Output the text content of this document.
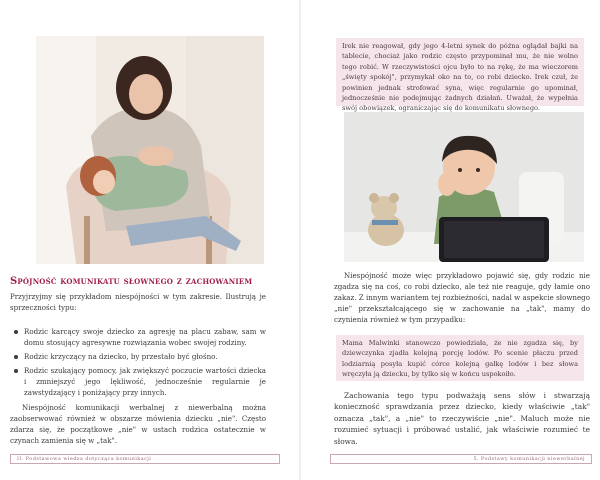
Spójność komunikatu słownego z zachowaniem

Przyjrzyjmy się przykładom niespójności w tym zakresie. Ilustrują je sprzeczności typu:

Rodzic karcący swoje dziecko za agresję na placu zabaw, sam w domu stosujący agresywne rozwiązania wobec swojej rodziny.
Rodzic krzyczący na dziecko, by przestało być głośno.
Rodzic szukający pomocy, jak zwiększyć poczucie wartości dziecka i zmniejszyć jego lękliwość, jednocześnie regularnie je zawstydzający i poniżający przy innych.

Niespójność komunikacji werbalnej z niewerbalną można zaobserwować również w obszarze mówienia dziecku „nie". Często zdarza się, że początkowe „nie" w ustach rodzica ostatecznie w czynach zamienia się w „tak".

II. Podstawowa wiedza dotycząca komunikacji

Irek nie reagował, gdy jego 4-letni synek do późna oglądał bajki na tablecie, chociaż jako rodzic często przypominał mu, że nie wolno tego robić. W rzeczywistości ojcu było to na rękę, że ma wieczorem „święty spokój", przymykał oko na to, co robi dziecko. Irek czuł, że powinien jednak strofować syna, więc regularnie go upominał, jednocześnie nie podejmując żadnych działań. Uważał, że wypełnia swój obowiązek, ograniczając się do komunikatu słownego.

Niespójność może więc przykładowo pojawić się, gdy rodzic nie zgadza się na coś, co robi dziecko, ale też nie reaguje, gdy łamie ono zakaz. Z innym wariantem tej rozbieżności, nadal w aspekcie słownego „nie" przekształcającego się w zachowanie na „tak", mamy do czynienia również w tym przypadku:

Mama Malwinki stanowczo powiedziała, że nie zgadza się, by dziewczynka zjadła kolejną porcję lodów. Po scenie płaczu przed lodziarnią posyła kupić córce kolejną gałkę lodów i bez słowa wręczyła ją dziecku, by tylko się w końcu uspokoiło.

Zachowania tego typu podważają sens słów i stwarzają konieczność sprawdzania przez dziecko, kiedy właściwie „tak" oznacza „tak", a „nie" to rzeczywiście „nie". Maluch może nie rozumieć sytuacji i próbować ustalić, jak właściwie rozumieć te słowa.

5. Podstawy komunikacji niewerbalnej
